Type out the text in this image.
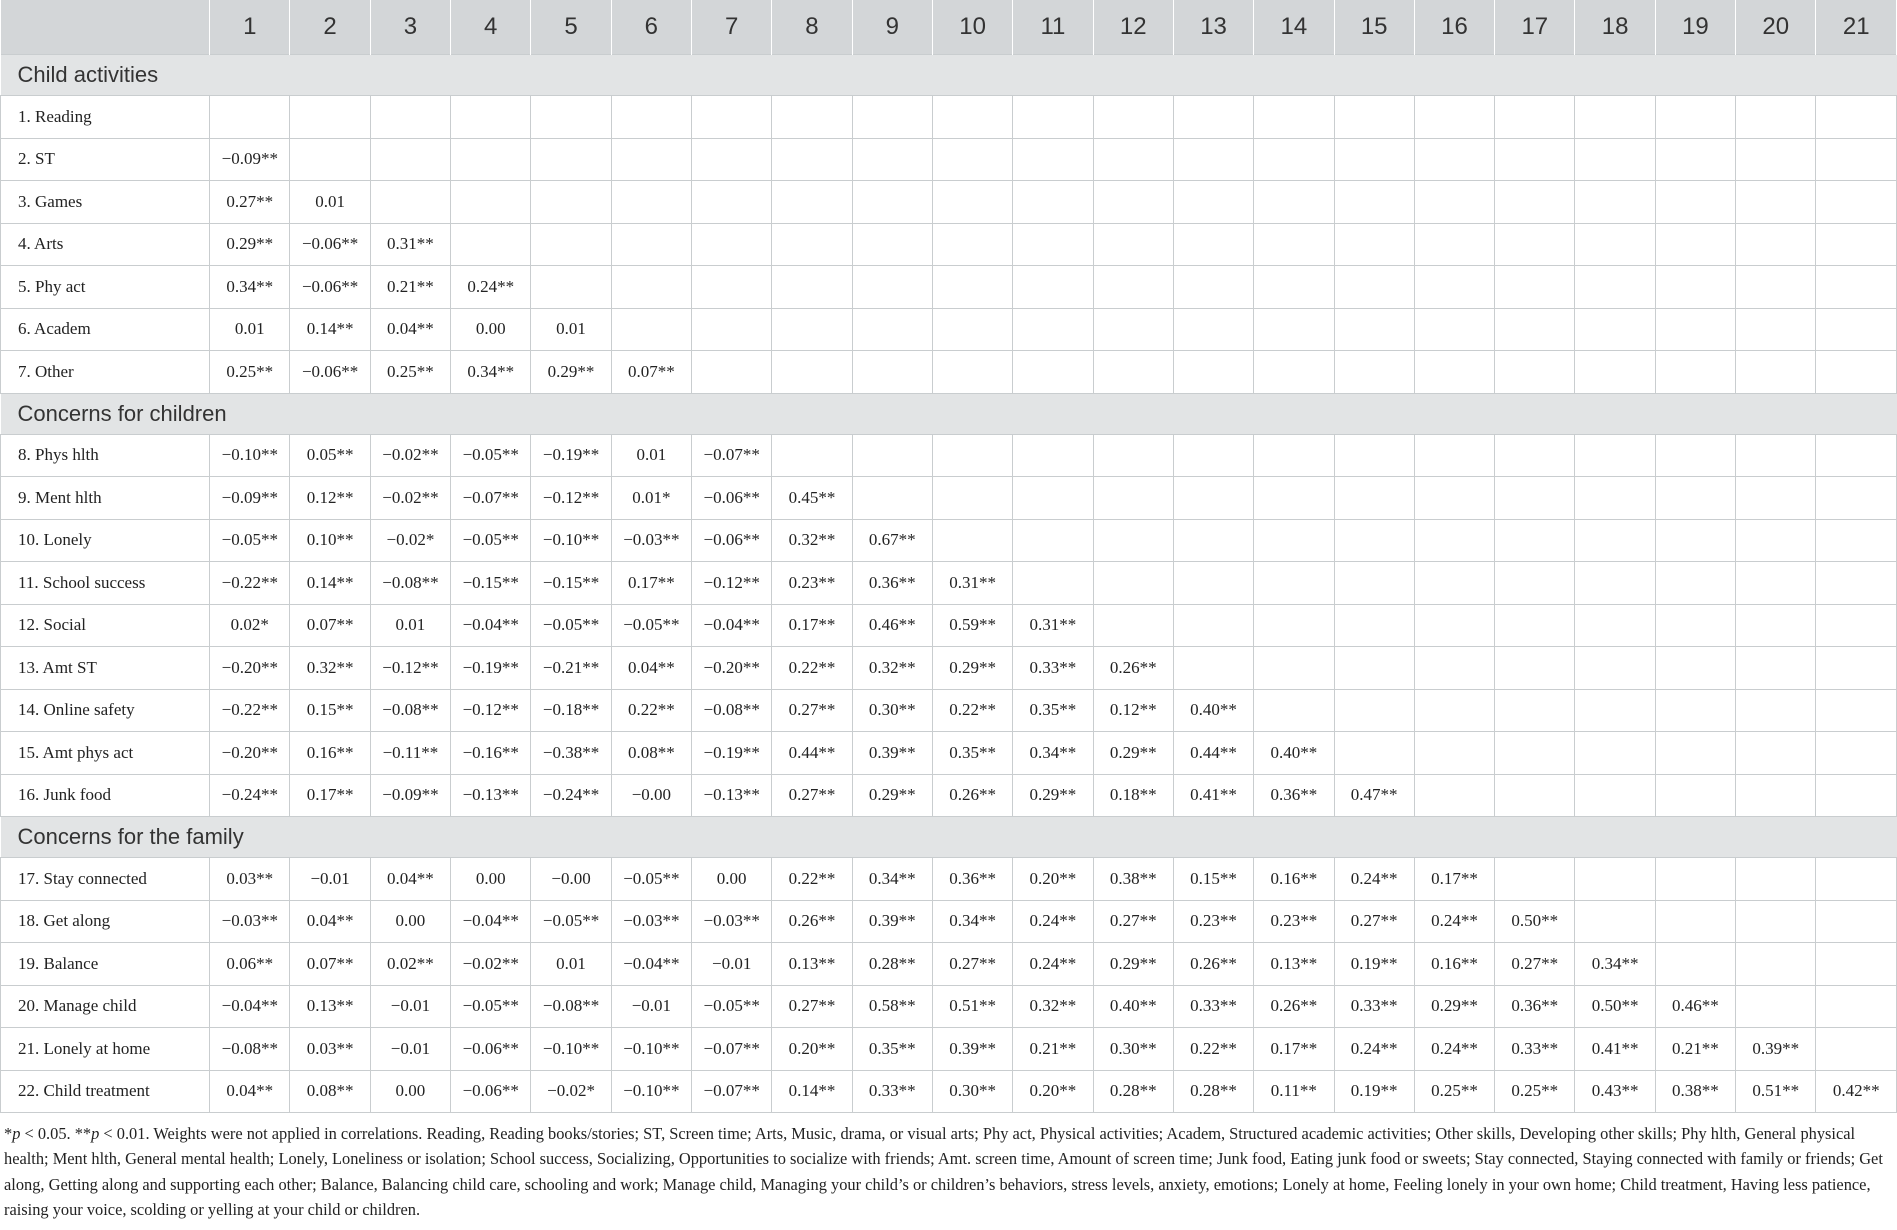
	1	2	3	4	5	6	7	8	9	10	11	12	13	14	15	16	17	18	19	20	21
Child activities																					
1. Reading																					
2. ST	−0.09**																				
3. Games	0.27**	0.01																			
4. Arts	0.29**	−0.06**	0.31**																		
5. Phy act	0.34**	−0.06**	0.21**	0.24**																	
6. Academ	0.01	0.14**	0.04**	0.00	0.01																
7. Other	0.25**	−0.06**	0.25**	0.34**	0.29**	0.07**															
Concerns for children																					
8. Phys hlth	−0.10**	0.05**	−0.02**	−0.05**	−0.19**	0.01	−0.07**														
9. Ment hlth	−0.09**	0.12**	−0.02**	−0.07**	−0.12**	0.01*	−0.06**	0.45**													
10. Lonely	−0.05**	0.10**	−0.02*	−0.05**	−0.10**	−0.03**	−0.06**	0.32**	0.67**												
11. School success	−0.22**	0.14**	−0.08**	−0.15**	−0.15**	0.17**	−0.12**	0.23**	0.36**	0.31**											
12. Social	0.02*	0.07**	0.01	−0.04**	−0.05**	−0.05**	−0.04**	0.17**	0.46**	0.59**	0.31**										
13. Amt ST	−0.20**	0.32**	−0.12**	−0.19**	−0.21**	0.04**	−0.20**	0.22**	0.32**	0.29**	0.33**	0.26**									
14. Online safety	−0.22**	0.15**	−0.08**	−0.12**	−0.18**	0.22**	−0.08**	0.27**	0.30**	0.22**	0.35**	0.12**	0.40**								
15. Amt phys act	−0.20**	0.16**	−0.11**	−0.16**	−0.38**	0.08**	−0.19**	0.44**	0.39**	0.35**	0.34**	0.29**	0.44**	0.40**							
16. Junk food	−0.24**	0.17**	−0.09**	−0.13**	−0.24**	−0.00	−0.13**	0.27**	0.29**	0.26**	0.29**	0.18**	0.41**	0.36**	0.47**						
Concerns for the family																					
17. Stay connected	0.03**	−0.01	0.04**	0.00	−0.00	−0.05**	0.00	0.22**	0.34**	0.36**	0.20**	0.38**	0.15**	0.16**	0.24**	0.17**					
18. Get along	−0.03**	0.04**	0.00	−0.04**	−0.05**	−0.03**	−0.03**	0.26**	0.39**	0.34**	0.24**	0.27**	0.23**	0.23**	0.27**	0.24**	0.50**				
19. Balance	0.06**	0.07**	0.02**	−0.02**	0.01	−0.04**	−0.01	0.13**	0.28**	0.27**	0.24**	0.29**	0.26**	0.13**	0.19**	0.16**	0.27**	0.34**			
20. Manage child	−0.04**	0.13**	−0.01	−0.05**	−0.08**	−0.01	−0.05**	0.27**	0.58**	0.51**	0.32**	0.40**	0.33**	0.26**	0.33**	0.29**	0.36**	0.50**	0.46**		
21. Lonely at home	−0.08**	0.03**	−0.01	−0.06**	−0.10**	−0.10**	−0.07**	0.20**	0.35**	0.39**	0.21**	0.30**	0.22**	0.17**	0.24**	0.24**	0.33**	0.41**	0.21**	0.39**	
22. Child treatment	0.04**	0.08**	0.00	−0.06**	−0.02*	−0.10**	−0.07**	0.14**	0.33**	0.30**	0.20**	0.28**	0.28**	0.11**	0.19**	0.25**	0.25**	0.43**	0.38**	0.51**	0.42**

*p < 0.05. **p < 0.01. Weights were not applied in correlations. Reading, Reading books/stories; ST, Screen time; Arts, Music, drama, or visual arts; Phy act, Physical activities; Academ, Structured academic activities; Other skills, Developing other skills; Phy hlth, General physical health; Ment hlth, General mental health; Lonely, Loneliness or isolation; School success, Socializing, Opportunities to socialize with friends; Amt. screen time, Amount of screen time; Junk food, Eating junk food or sweets; Stay connected, Staying connected with family or friends; Get along, Getting along and supporting each other; Balance, Balancing child care, schooling and work; Manage child, Managing your child’s or children’s behaviors, stress levels, anxiety, emotions; Lonely at home, Feeling lonely in your own home; Child treatment, Having less patience, raising your voice, scolding or yelling at your child or children.
